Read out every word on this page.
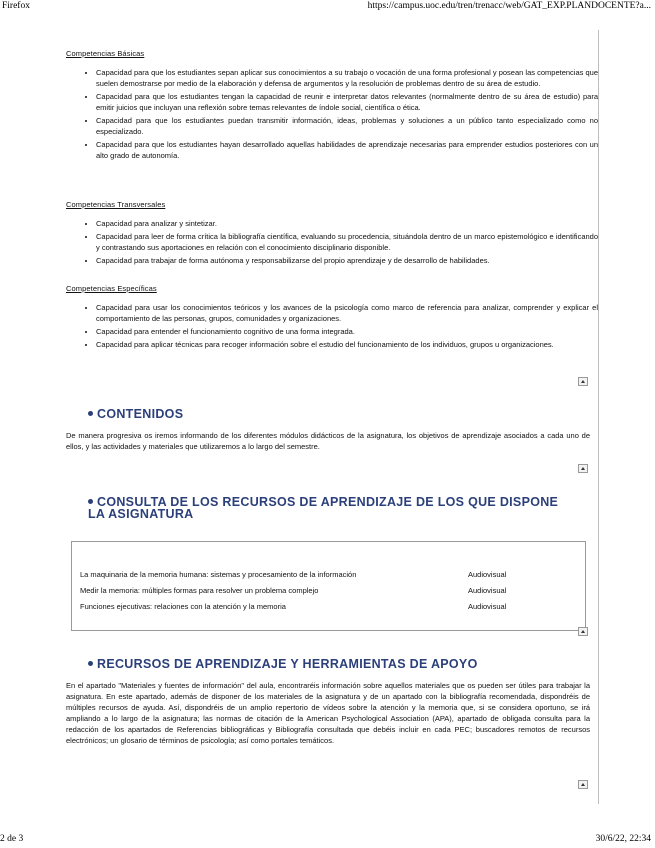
Firefox	https://campus.uoc.edu/tren/trenacc/web/GAT_EXP.PLANDOCENTE?a...

Competencias Básicas

• Capacidad para que los estudiantes sepan aplicar sus conocimientos a su trabajo o vocación de una forma profesional y posean las competencias que suelen demostrarse por medio de la elaboración y defensa de argumentos y la resolución de problemas dentro de su área de estudio.
• Capacidad para que los estudiantes tengan la capacidad de reunir e interpretar datos relevantes (normalmente dentro de su área de estudio) para emitir juicios que incluyan una reflexión sobre temas relevantes de índole social, científica o ética.
• Capacidad para que los estudiantes puedan transmitir información, ideas, problemas y soluciones a un público tanto especializado como no especializado.
• Capacidad para que los estudiantes hayan desarrollado aquellas habilidades de aprendizaje necesarias para emprender estudios posteriores con un alto grado de autonomía.

Competencias Transversales

• Capacidad para analizar y sintetizar.
• Capacidad para leer de forma crítica la bibliografía científica, evaluando su procedencia, situándola dentro de un marco epistemológico e identificando y contrastando sus aportaciones en relación con el conocimiento disciplinario disponible.
• Capacidad para trabajar de forma autónoma y responsabilizarse del propio aprendizaje y de desarrollo de habilidades.

Competencias Específicas

• Capacidad para usar los conocimientos teóricos y los avances de la psicología como marco de referencia para analizar, comprender y explicar el comportamiento de las personas, grupos, comunidades y organizaciones.
• Capacidad para entender el funcionamiento cognitivo de una forma integrada.
• Capacidad para aplicar técnicas para recoger información sobre el estudio del funcionamiento de los individuos, grupos u organizaciones.
CONTENIDOS

De manera progresiva os iremos informando de los diferentes módulos didácticos de la asignatura, los objetivos de aprendizaje asociados a cada uno de ellos, y las actividades y materiales que utilizaremos a lo largo del semestre.

CONSULTA DE LOS RECURSOS DE APRENDIZAJE DE LOS QUE DISPONE LA ASIGNATURA
La maquinaria de la memoria humana: sistemas y procesamiento de la información	Audiovisual
Medir la memoria: múltiples formas para resolver un problema complejo	Audiovisual
Funciones ejecutivas: relaciones con la atención y la memoria	Audiovisual
RECURSOS DE APRENDIZAJE Y HERRAMIENTAS DE APOYO

En el apartado "Materiales y fuentes de información" del aula, encontraréis información sobre aquellos materiales que os pueden ser útiles para trabajar la asignatura. En este apartado, además de disponer de los materiales de la asignatura y de un apartado con la bibliografía recomendada, dispondréis de múltiples recursos de ayuda. Así, dispondréis de un amplio repertorio de vídeos sobre la atención y la memoria que, si se considera oportuno, se irá ampliando a lo largo de la asignatura; las normas de citación de la American Psychological Association (APA), apartado de obligada consulta para la redacción de los apartados de Referencias bibliográficas y Bibliografía consultada que debéis incluir en cada PEC; buscadores remotos de recursos electrónicos; un glosario de términos de psicología; así como portales temáticos.

2 de 3	30/6/22, 22:34
